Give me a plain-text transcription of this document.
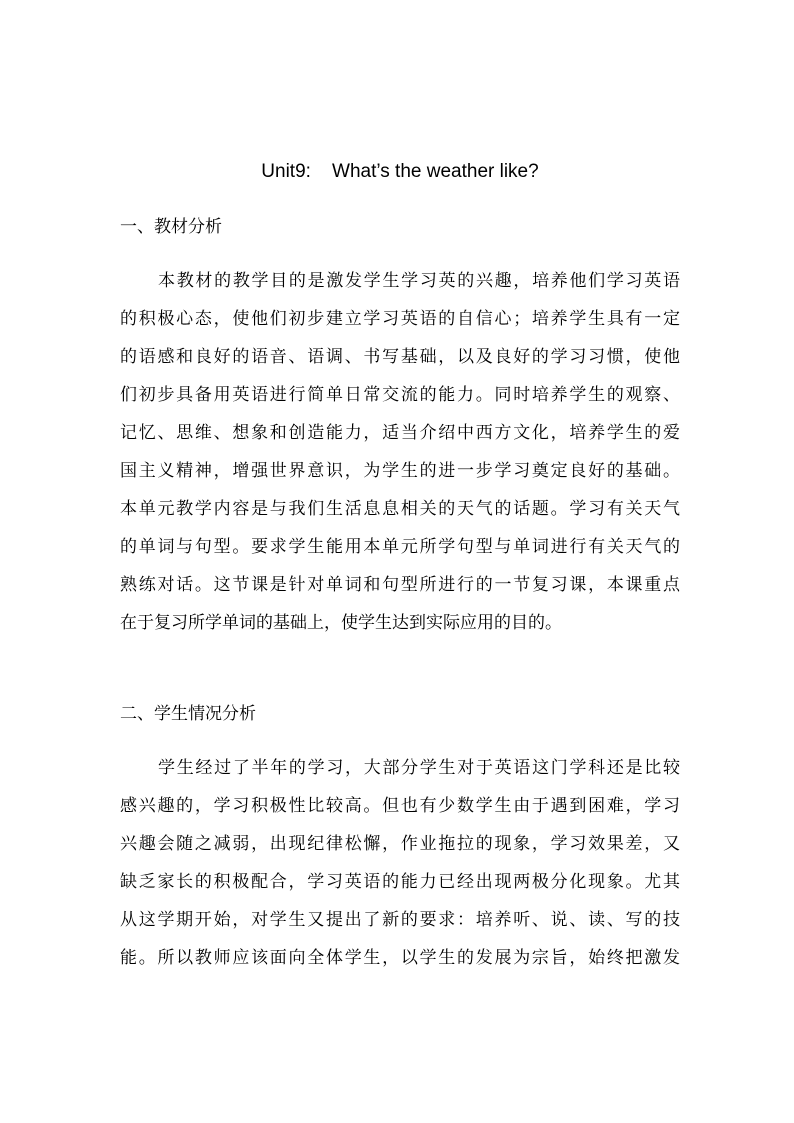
Unit9:    What’s the weather like?
一、教材分析
本教材的教学目的是激发学生学习英的兴趣，培养他们学习英语
的积极心态，使他们初步建立学习英语的自信心；培养学生具有一定
的语感和良好的语音、语调、书写基础，以及良好的学习习惯，使他
们初步具备用英语进行简单日常交流的能力。同时培养学生的观察、
记忆、思维、想象和创造能力，适当介绍中西方文化，培养学生的爱
国主义精神，增强世界意识，为学生的进一步学习奠定良好的基础。
本单元教学内容是与我们生活息息相关的天气的话题。学习有关天气
的单词与句型。要求学生能用本单元所学句型与单词进行有关天气的
熟练对话。这节课是针对单词和句型所进行的一节复习课，本课重点
在于复习所学单词的基础上，使学生达到实际应用的目的。
二、学生情况分析
学生经过了半年的学习，大部分学生对于英语这门学科还是比较
感兴趣的，学习积极性比较高。但也有少数学生由于遇到困难，学习
兴趣会随之减弱，出现纪律松懈，作业拖拉的现象，学习效果差，又
缺乏家长的积极配合，学习英语的能力已经出现两极分化现象。尤其
从这学期开始，对学生又提出了新的要求：培养听、说、读、写的技
能。所以教师应该面向全体学生，以学生的发展为宗旨，始终把激发
